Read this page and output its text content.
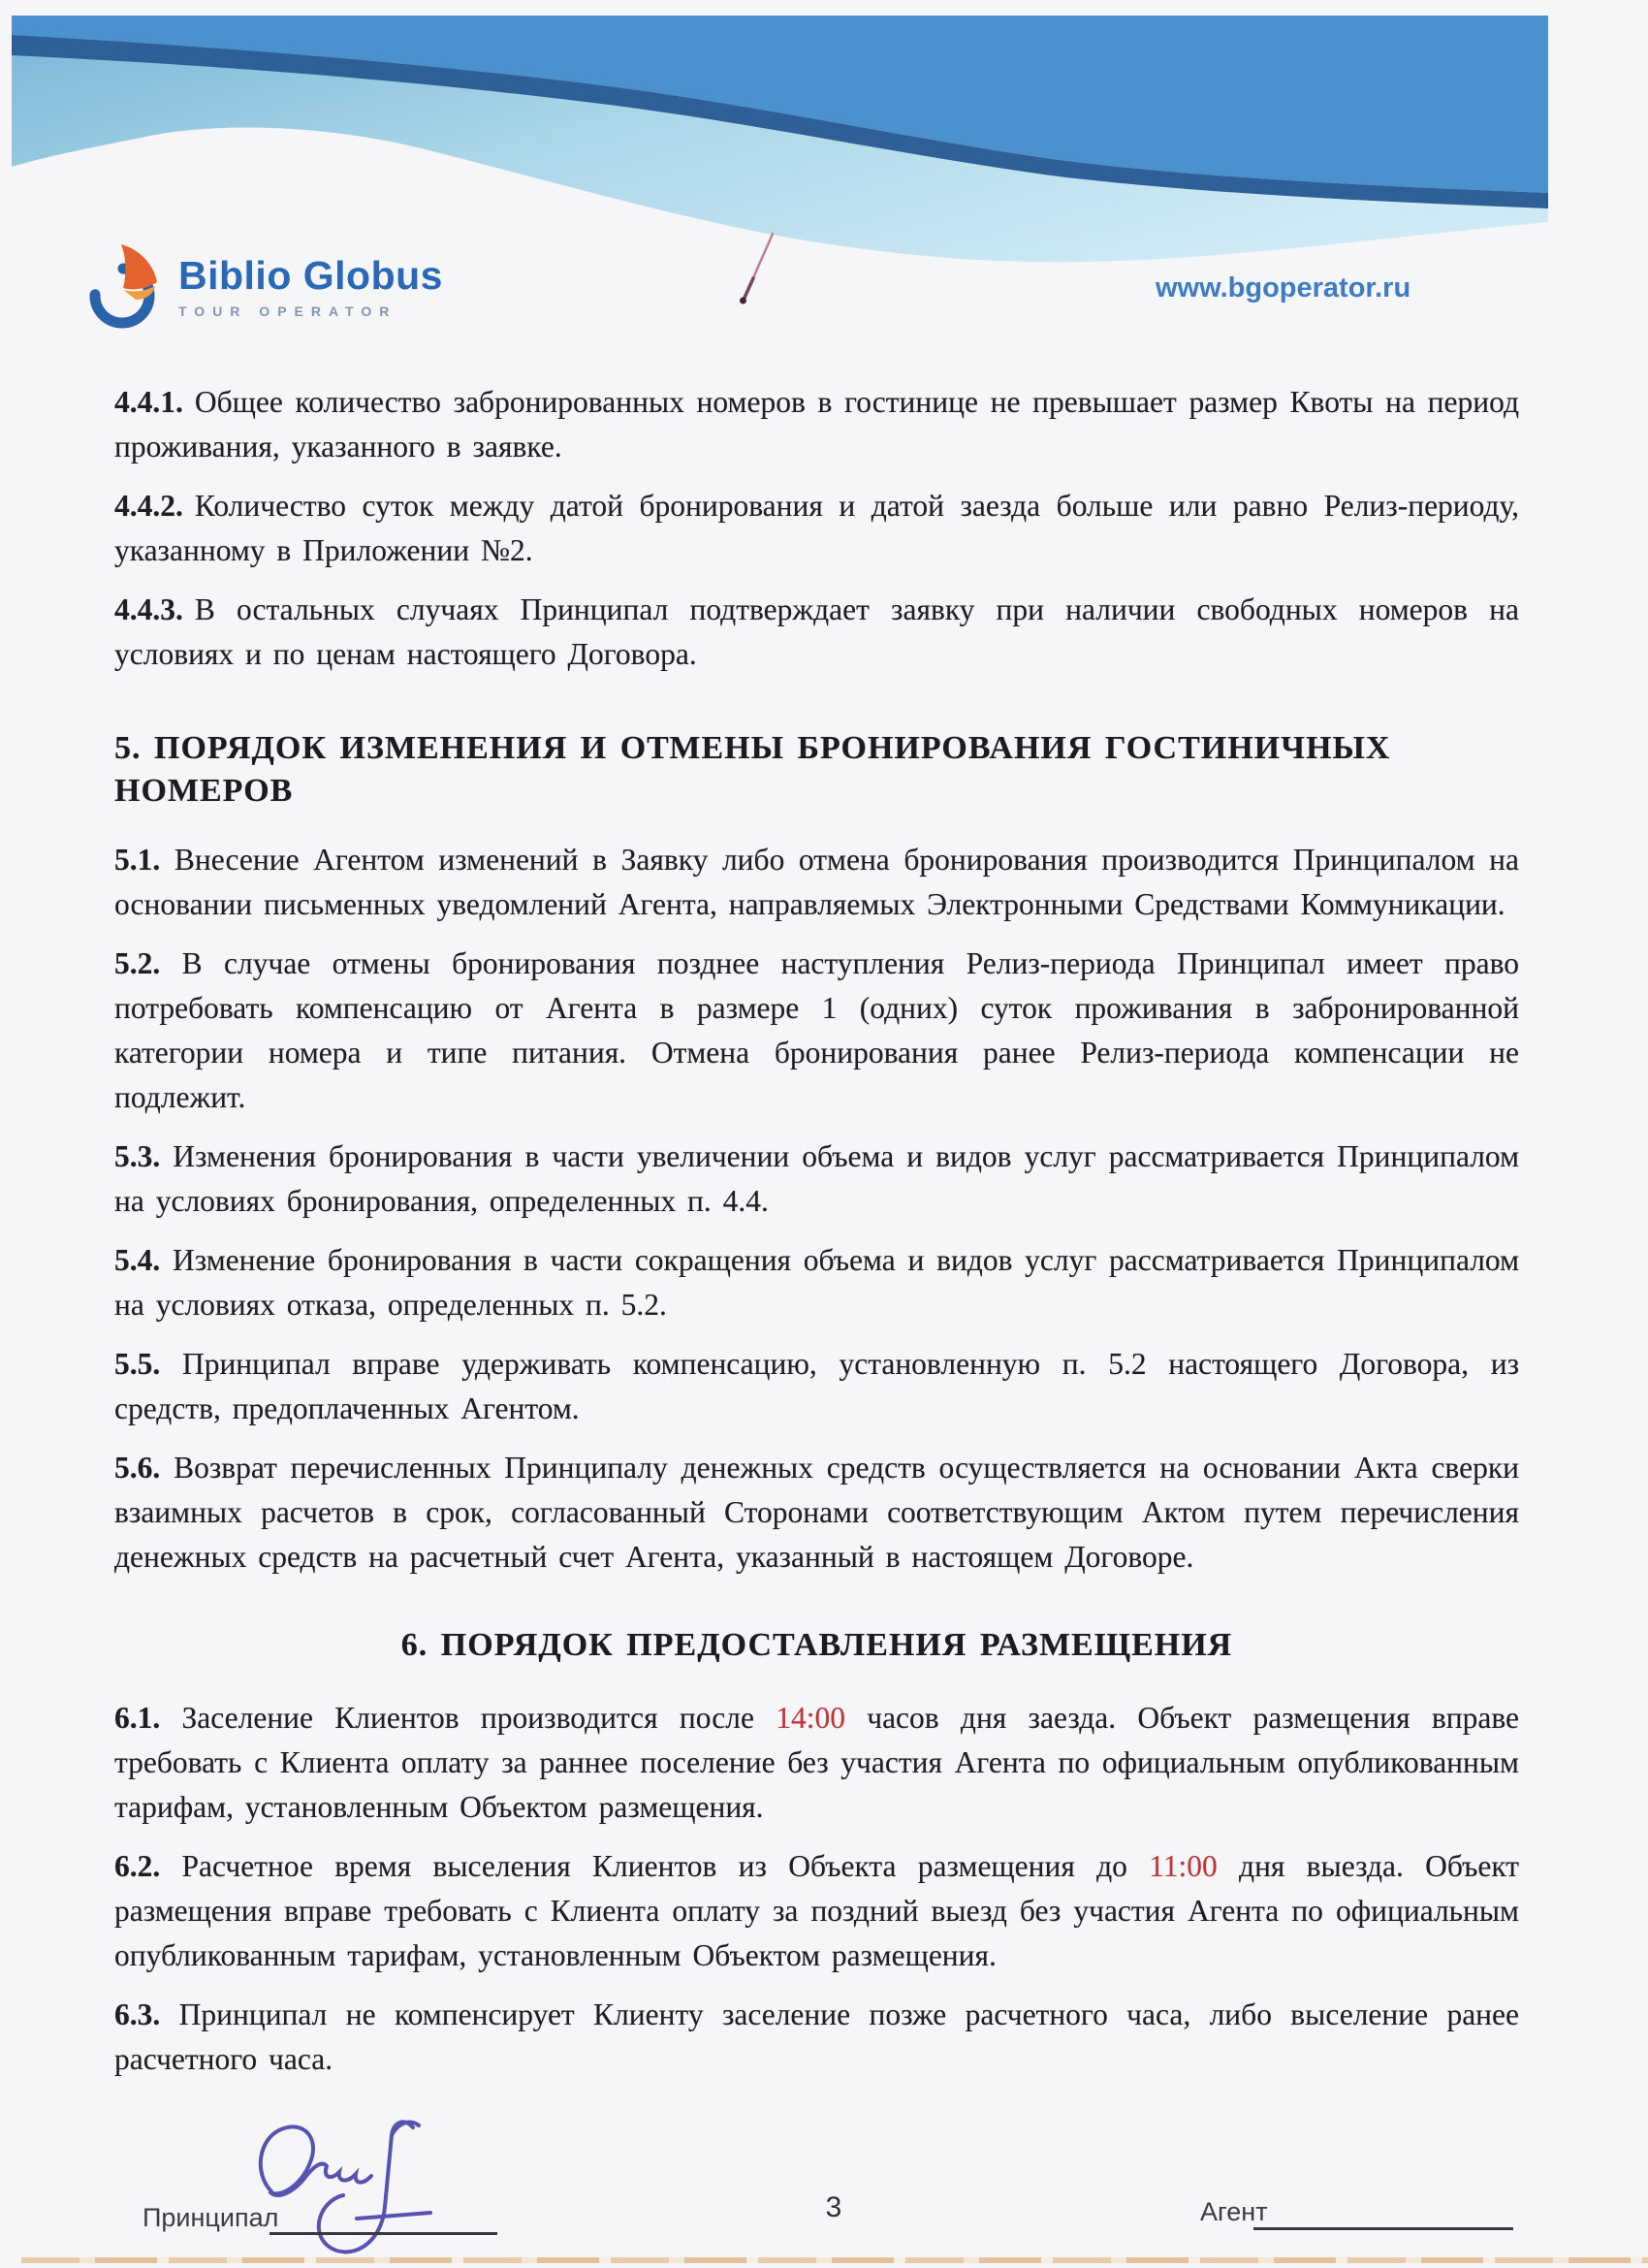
Biblio Globus
TOUR OPERATOR
www.bgoperator.ru

4.4.1. Общее количество забронированных номеров в гостинице не превышает размер Квоты на период проживания, указанного в заявке.

4.4.2. Количество суток между датой бронирования и датой заезда больше или равно Релиз-периоду, указанному в Приложении №2.

4.4.3. В остальных случаях Принципал подтверждает заявку при наличии свободных номеров на условиях и по ценам настоящего Договора.

5. ПОРЯДОК ИЗМЕНЕНИЯ И ОТМЕНЫ БРОНИРОВАНИЯ ГОСТИНИЧНЫХ НОМЕРОВ

5.1. Внесение Агентом изменений в Заявку либо отмена бронирования производится Принципалом на основании письменных уведомлений Агента, направляемых Электронными Средствами Коммуникации.

5.2. В случае отмены бронирования позднее наступления Релиз-периода Принципал имеет право потребовать компенсацию от Агента в размере 1 (одних) суток проживания в забронированной категории номера и типе питания. Отмена бронирования ранее Релиз-периода компенсации не подлежит.

5.3. Изменения бронирования в части увеличении объема и видов услуг рассматривается Принципалом на условиях бронирования, определенных п. 4.4.

5.4. Изменение бронирования в части сокращения объема и видов услуг рассматривается Принципалом на условиях отказа, определенных п. 5.2.

5.5. Принципал вправе удерживать компенсацию, установленную п. 5.2 настоящего Договора, из средств, предоплаченных Агентом.

5.6. Возврат перечисленных Принципалу денежных средств осуществляется на основании Акта сверки взаимных расчетов в срок, согласованный Сторонами соответствующим Актом путем перечисления денежных средств на расчетный счет Агента, указанный в настоящем Договоре.

6. ПОРЯДОК ПРЕДОСТАВЛЕНИЯ РАЗМЕЩЕНИЯ

6.1. Заселение Клиентов производится после 14:00 часов дня заезда. Объект размещения вправе требовать с Клиента оплату за раннее поселение без участия Агента по официальным опубликованным тарифам, установленным Объектом размещения.

6.2. Расчетное время выселения Клиентов из Объекта размещения до 11:00 дня выезда. Объект размещения вправе требовать с Клиента оплату за поздний выезд без участия Агента по официальным опубликованным тарифам, установленным Объектом размещения.

6.3. Принципал не компенсирует Клиенту заселение позже расчетного часа, либо выселение ранее расчетного часа.

Принципал	Агент
3
